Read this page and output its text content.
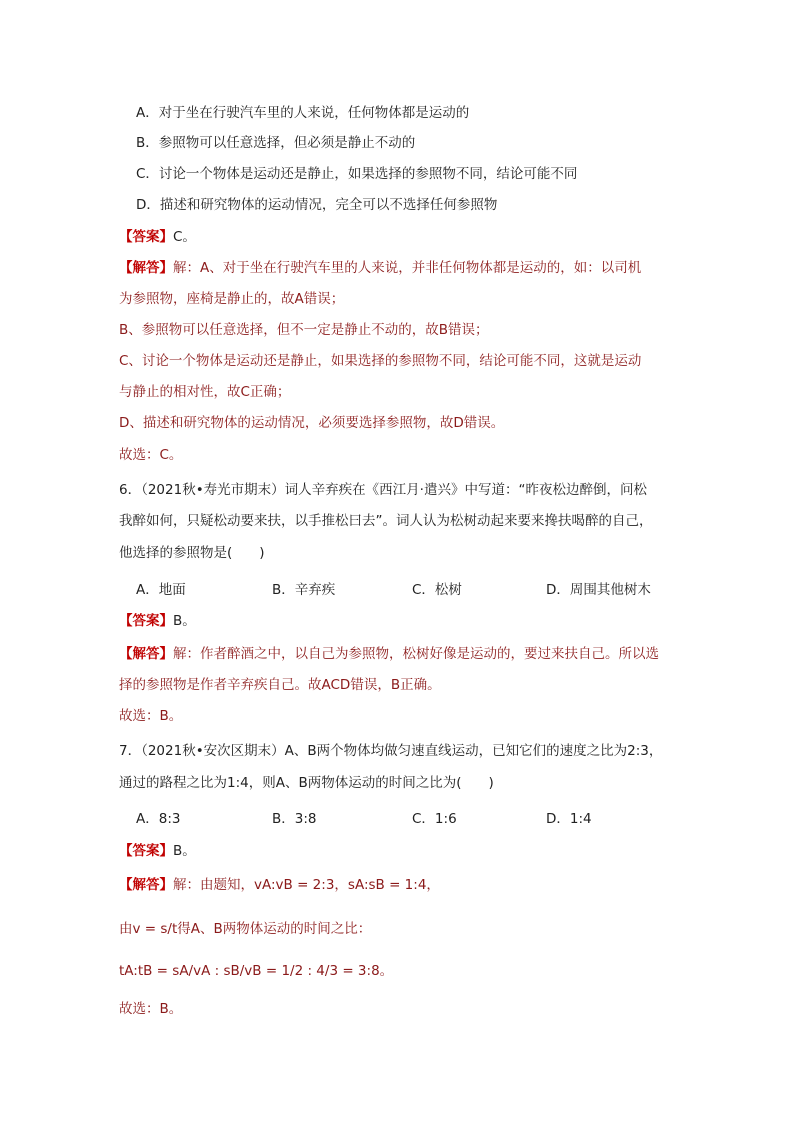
A．对于坐在行驶汽车里的人来说，任何物体都是运动的
B．参照物可以任意选择，但必须是静止不动的
C．讨论一个物体是运动还是静止，如果选择的参照物不同，结论可能不同
D．描述和研究物体的运动情况，完全可以不选择任何参照物
【答案】C。
【解答】解：A、对于坐在行驶汽车里的人来说，并非任何物体都是运动的，如：以司机
为参照物，座椅是静止的，故A错误；
B、参照物可以任意选择，但不一定是静止不动的，故B错误；
C、讨论一个物体是运动还是静止，如果选择的参照物不同，结论可能不同，这就是运动
与静止的相对性，故C正确；
D、描述和研究物体的运动情况，必须要选择参照物，故D错误。
故选：C。
6．（2021秋•寿光市期末）词人辛弃疾在《西江月·遣兴》中写道：“昨夜松边醉倒，问松
我醉如何，只疑松动要来扶，以手推松曰去”。词人认为松树动起来要来搀扶喝醉的自己，
他选择的参照物是(　　)
A．地面	B．辛弃疾	C．松树	D．周围其他树木
【答案】B。
【解答】解：作者醉酒之中，以自己为参照物，松树好像是运动的，要过来扶自己。所以选
择的参照物是作者辛弃疾自己。故ACD错误，B正确。
故选：B。
7．（2021秋•安次区期末）A、B两个物体均做匀速直线运动，已知它们的速度之比为2:3，
通过的路程之比为1:4，则A、B两物体运动的时间之比为(　　)
A．8:3	B．3:8	C．1:6	D．1:4
【答案】B。
【解答】解：由题知，vA:vB = 2:3，sA:sB = 1:4，
由v = s/t得A、B两物体运动的时间之比：
tA:tB = sA/vA : sB/vB = 1/2 : 4/3 = 3:8。
故选：B。
